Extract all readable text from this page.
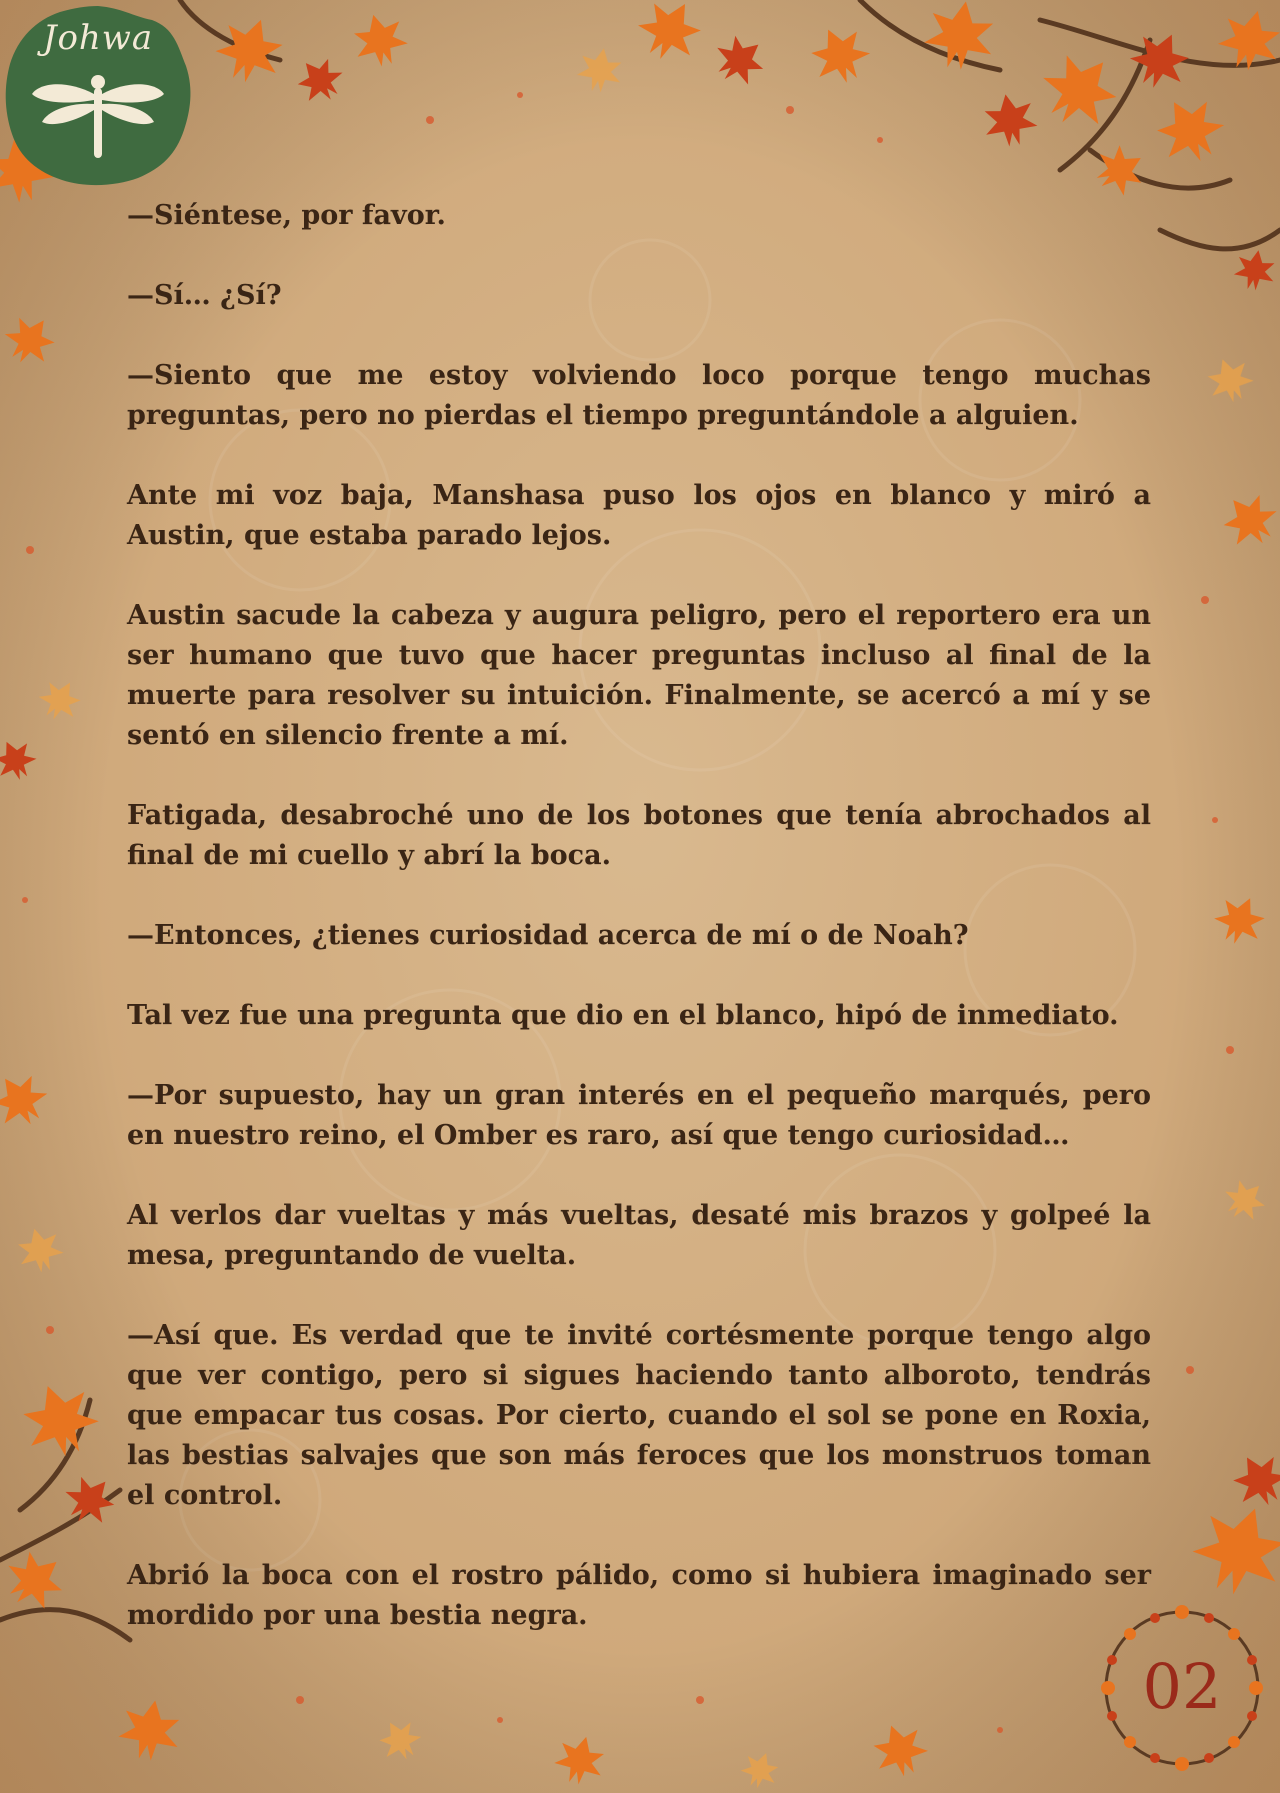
Johwa

—Siéntese, por favor.

—Sí… ¿Sí?

—Siento que me estoy volviendo loco porque tengo muchas preguntas, pero no pierdas el tiempo preguntándole a alguien.

Ante mi voz baja, Manshasa puso los ojos en blanco y miró a Austin, que estaba parado lejos.

Austin sacude la cabeza y augura peligro, pero el reportero era un ser humano que tuvo que hacer preguntas incluso al final de la muerte para resolver su intuición. Finalmente, se acercó a mí y se sentó en silencio frente a mí.

Fatigada, desabroché uno de los botones que tenía abrochados al final de mi cuello y abrí la boca.

—Entonces, ¿tienes curiosidad acerca de mí o de Noah?

Tal vez fue una pregunta que dio en el blanco, hipó de inmediato.

—Por supuesto, hay un gran interés en el pequeño marqués, pero en nuestro reino, el Omber es raro, así que tengo curiosidad…

Al verlos dar vueltas y más vueltas, desaté mis brazos y golpeé la mesa, preguntando de vuelta.

—Así que. Es verdad que te invité cortésmente porque tengo algo que ver contigo, pero si sigues haciendo tanto alboroto, tendrás que empacar tus cosas. Por cierto, cuando el sol se pone en Roxia, las bestias salvajes que son más feroces que los monstruos toman el control.

Abrió la boca con el rostro pálido, como si hubiera imaginado ser mordido por una bestia negra.

02
